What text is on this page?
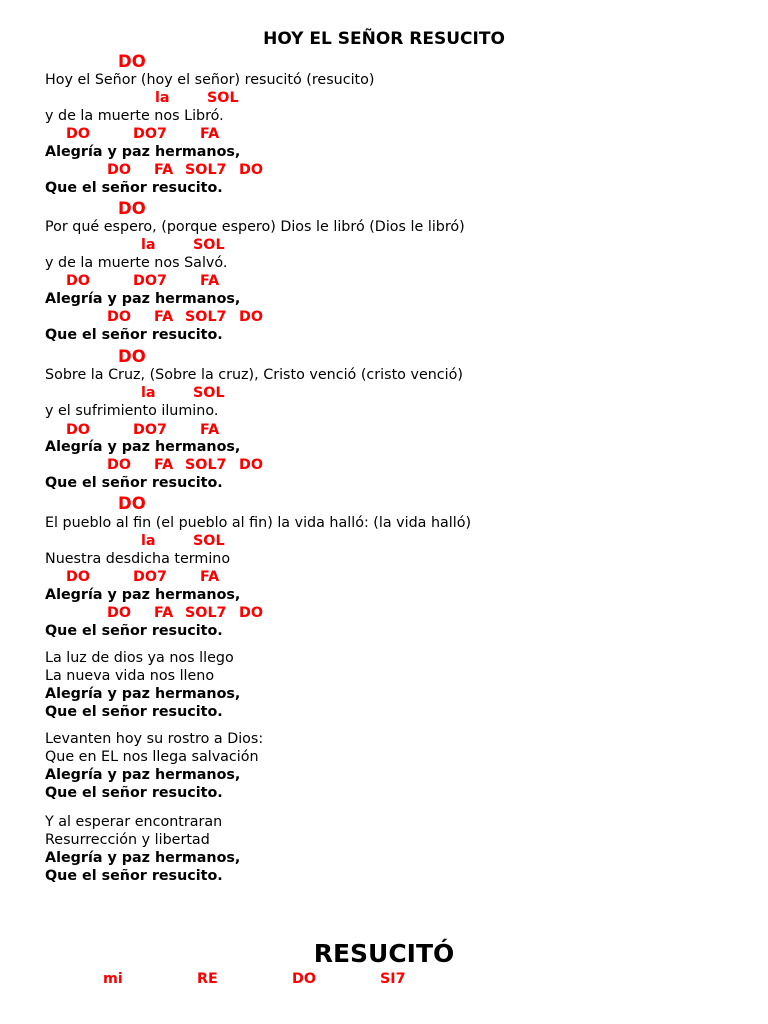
HOY EL SEÑOR RESUCITO
DO
Hoy el Señor (hoy el señor) resucitó (resucito)
la	SOL
y de la muerte nos Libró.
DO	DO7 FA
Alegría y paz hermanos,
DO FA SOL7 DO
Que el señor resucito.
DO
Por qué espero, (porque espero) Dios le libró (Dios le libró)
la	SOL
y de la muerte nos Salvó.
DO	DO7 FA
Alegría y paz hermanos,
DO FA SOL7 DO
Que el señor resucito.
DO
Sobre la Cruz, (Sobre la cruz), Cristo venció (cristo venció)
la	SOL
y el sufrimiento ilumino.
DO	DO7 FA
Alegría y paz hermanos,
DO FA SOL7 DO
Que el señor resucito.
DO
El pueblo al fin (el pueblo al fin) la vida halló: (la vida halló)
la	SOL
Nuestra desdicha termino
DO	DO7 FA
Alegría y paz hermanos,
DO FA SOL7 DO
Que el señor resucito.
La luz de dios ya nos llego
La nueva vida nos lleno
Alegría y paz hermanos,
Que el señor resucito.
Levanten hoy su rostro a Dios:
Que en EL nos llega salvación
Alegría y paz hermanos,
Que el señor resucito.
Y al esperar encontraran
Resurrección y libertad
Alegría y paz hermanos,
Que el señor resucito.
RESUCITÓ
mi	RE	DO	SI7
